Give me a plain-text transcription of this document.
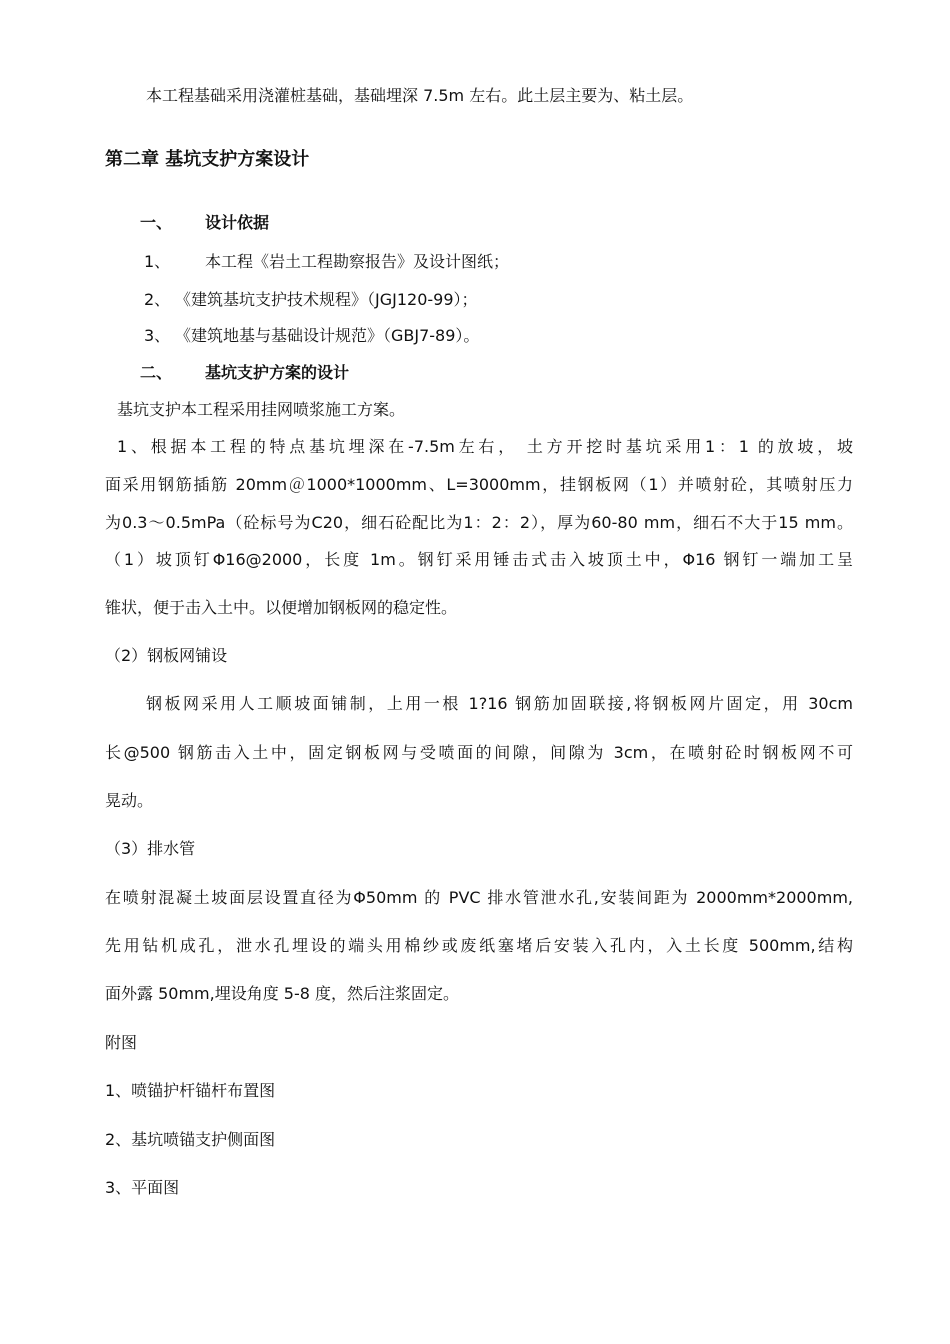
本工程基础采用浇灌桩基础，基础埋深 7.5m 左右。此土层主要为、粘土层。
第二章 基坑支护方案设计
一、 设计依据
1、 本工程《岩土工程勘察报告》及设计图纸；
2、 《建筑基坑支护技术规程》（JGJ120-99）；
3、 《建筑地基与基础设计规范》（GBJ7-89）。
二、 基坑支护方案的设计
基坑支护本工程采用挂网喷浆施工方案。
1、根据本工程的特点基坑埋深在-7.5m左右， 土方开挖时基坑采用1：1 的放坡，坡
面采用钢筋插筋 20mm＠1000*1000mm、L=3000mm，挂钢板网（1）并喷射砼，其喷射压力
为0.3～0.5mPa（砼标号为C20，细石砼配比为1：2：2），厚为60-80 mm，细石不大于15 mm。
（1）坡顶钉Φ16@2000，长度 1m。钢钉采用锤击式击入坡顶土中，Φ16 钢钉一端加工呈
锥状，便于击入土中。以便增加钢板网的稳定性。
（2）钢板网铺设
钢板网采用人工顺坡面铺制，上用一根 1?16 钢筋加固联接,将钢板网片固定，用 30cm
长@500 钢筋击入土中，固定钢板网与受喷面的间隙，间隙为 3cm，在喷射砼时钢板网不可
晃动。
（3）排水管
在喷射混凝土坡面层设置直径为Φ50mm 的 PVC 排水管泄水孔,安装间距为 2000mm*2000mm,
先用钻机成孔，泄水孔埋设的端头用棉纱或废纸塞堵后安装入孔内，入土长度 500mm,结构
面外露 50mm,埋设角度 5-8 度，然后注浆固定。
附图
1、喷锚护杆锚杆布置图
2、基坑喷锚支护侧面图
3、平面图
